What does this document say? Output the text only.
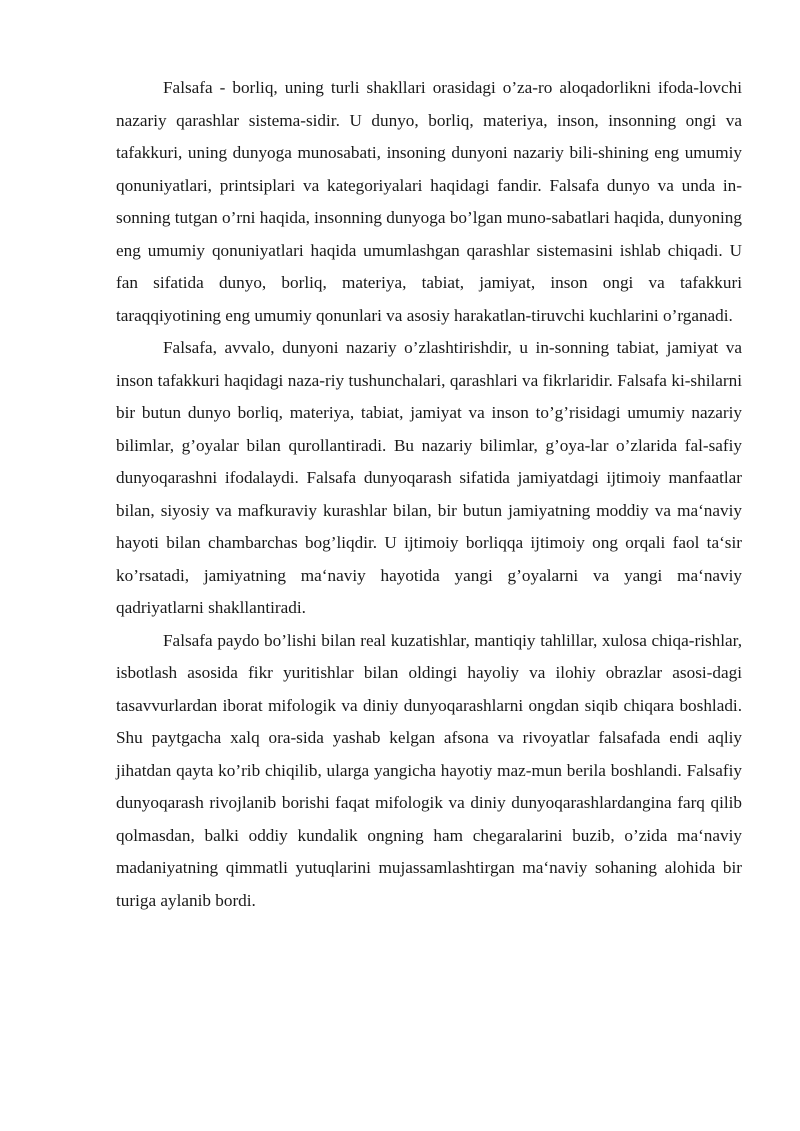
Falsafa - borliq, uning turli shakllari orasidagi o’za-ro aloqadorlikni ifoda-lovchi nazariy qarashlar sistema-sidir. U dunyo, borliq, materiya, inson, insonning ongi va tafakkuri, uning dunyoga munosabati, insoning dunyoni nazariy bili-shining eng umumiy qonuniyatlari, printsiplari va kategoriyalari haqidagi fandir. Falsafa dunyo va unda in-sonning tutgan o’rni haqida, insonning dunyoga bo’lgan muno-sabatlari haqida, dunyoning eng umumiy qonuniyatlari haqida umumlashgan qarashlar sistemasini ishlab chiqadi. U fan sifatida dunyo, borliq, materiya, tabiat, jamiyat, inson ongi va tafakkuri taraqqiyotining eng umumiy qonunlari va asosiy harakatlan-tiruvchi kuchlarini o’rganadi.

Falsafa, avvalo, dunyoni nazariy o’zlashtirishdir, u in-sonning tabiat, jamiyat va inson tafakkuri haqidagi naza-riy tushunchalari, qarashlari va fikrlaridir. Falsafa ki-shilarni bir butun dunyo borliq, materiya, tabiat, jamiyat va inson to’g’risidagi umumiy nazariy bilimlar, g’oyalar bilan qurollantiradi. Bu nazariy bilimlar, g’oya-lar o’zlarida fal-safiy dunyoqarashni ifodalaydi. Falsafa dunyoqarash sifatida jamiyatdagi ijtimoiy manfaatlar bilan, siyosiy va mafkuraviy kurashlar bilan, bir butun jamiyatning moddiy va ma‘naviy hayoti bilan chambarchas bog’liqdir. U ijtimoiy borliqqa ijtimoiy ong orqali faol ta‘sir ko’rsatadi, jamiyatning ma‘naviy hayotida yangi g’oyalarni va yangi ma‘naviy qadriyatlarni shakllantiradi.

Falsafa paydo bo’lishi bilan real kuzatishlar, mantiqiy tahlillar, xulosa chiqa-rishlar, isbotlash asosida fikr yuritishlar bilan oldingi hayoliy va ilohiy obrazlar asosi-dagi tasavvurlardan iborat mifologik va diniy dunyoqarashlarni ongdan siqib chiqara boshladi. Shu paytgacha xalq ora-sida yashab kelgan afsona va rivoyatlar falsafada endi aqliy jihatdan qayta ko’rib chiqilib, ularga yangicha hayotiy maz-mun berila boshlandi. Falsafiy dunyoqarash rivojlanib borishi faqat mifologik va diniy dunyoqarashlardangina farq qilib qolmasdan, balki oddiy kundalik ongning ham chegaralarini buzib, o’zida ma‘naviy madaniyatning qimmatli yutuqlarini mujassamlashtirgan ma‘naviy sohaning alohida bir turiga aylanib bordi.
